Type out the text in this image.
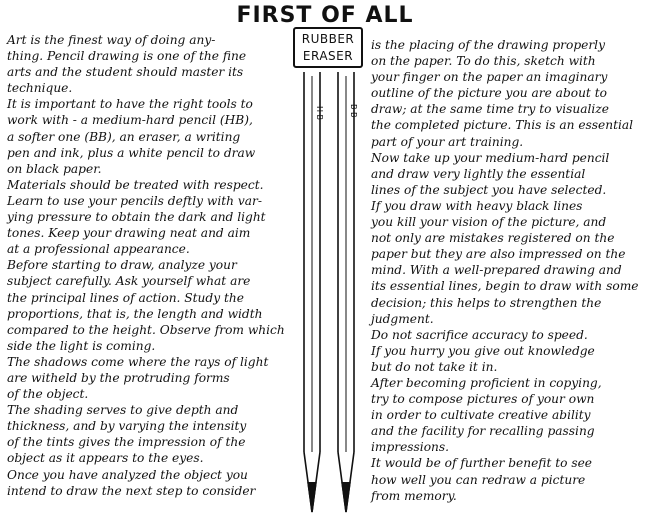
FIRST OF ALL
RUBBER
ERASER
H B	B B

Art is the finest way of doing any-

thing. Pencil drawing is one of the fine

arts and the student should master its

technique.

It is important to have the right tools to

work with - a medium-hard pencil (HB),

a softer one (BB), an eraser, a writing

pen and ink, plus a white pencil to draw

on black paper.

Materials should be treated with respect.

Learn to use your pencils deftly with var-

ying pressure to obtain the dark and light

tones. Keep your drawing neat and aim

at a professional appearance.

Before starting to draw, analyze your

subject carefully. Ask yourself what are

the principal lines of action. Study the

proportions, that is, the length and width

compared to the height. Observe from which

side the light is coming.

The shadows come where the rays of light

are witheld by the protruding forms

of the object.

The shading serves to give depth and

thickness, and by varying the intensity

of the tints gives the impression of the

object as it appears to the eyes.

Once you have analyzed the object you

intend to draw the next step to consider

is the placing of the drawing properly

on the paper. To do this, sketch with

your finger on the paper an imaginary

outline of the picture you are about to

draw; at the same time try to visualize

the completed picture. This is an essential

part of your art training.

Now take up your medium-hard pencil

and draw very lightly the essential

lines of the subject you have selected.

If you draw with heavy black lines

you kill your vision of the picture, and

not only are mistakes registered on the

paper but they are also impressed on the

mind. With a well-prepared drawing and

its essential lines, begin to draw with some

decision; this helps to strengthen the

judgment.

Do not sacrifice accuracy to speed.

If you hurry you give out knowledge

but do not take it in.

After becoming proficient in copying,

try to compose pictures of your own

in order to cultivate creative ability

and the facility for recalling passing

impressions.

It would be of further benefit to see

how well you can redraw a picture

from memory.
